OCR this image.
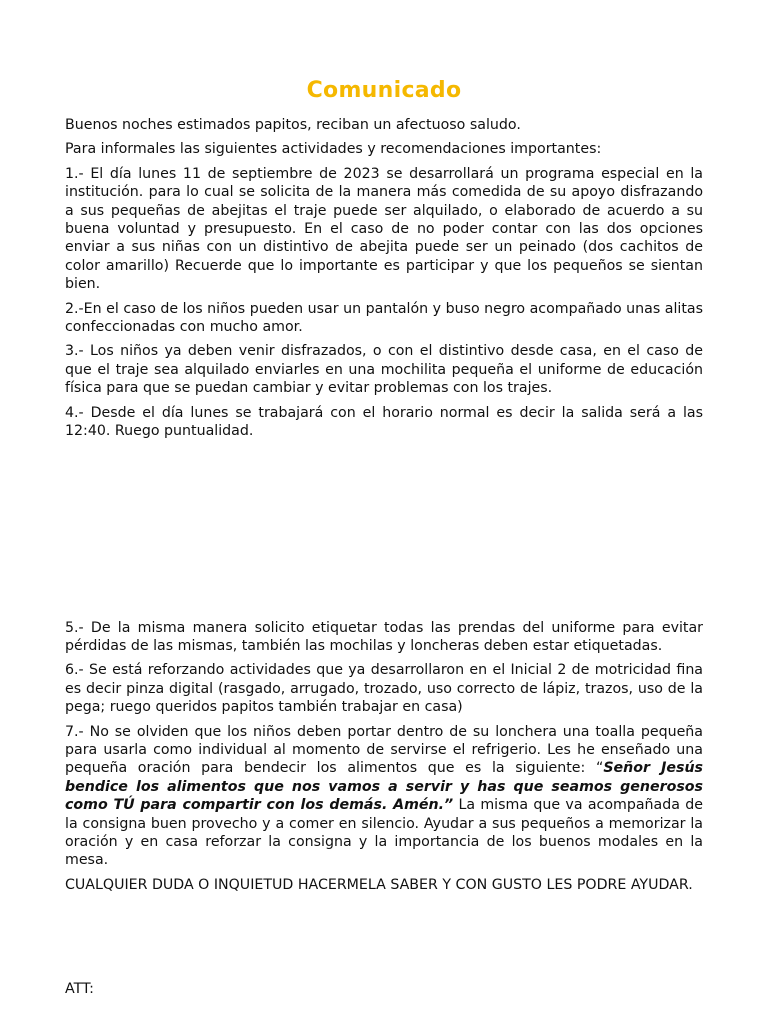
Comunicado

Buenos noches estimados papitos, reciban un afectuoso saludo.

Para informales las siguientes actividades y recomendaciones importantes:

1.- El día lunes 11 de septiembre de 2023 se desarrollará un programa especial en la institución. para lo cual se solicita de la manera más comedida de su apoyo disfrazando a sus pequeñas de abejitas el traje puede ser alquilado, o elaborado de acuerdo a su buena voluntad y presupuesto. En el caso de no poder contar con las dos opciones enviar a sus niñas con un distintivo de abejita puede ser un peinado (dos cachitos de color amarillo) Recuerde que lo importante es participar y que los pequeños se sientan bien.

2.-En el caso de los niños pueden usar un pantalón y buso negro acompañado unas alitas confeccionadas con mucho amor.

3.- Los niños ya deben venir disfrazados, o con el distintivo desde casa, en el caso de que el traje sea alquilado enviarles en una mochilita pequeña el uniforme de educación física para que se puedan cambiar y evitar problemas con los trajes.

4.- Desde el día lunes se trabajará con el horario normal es decir la salida será a las 12:40. Ruego puntualidad.

5.- De la misma manera solicito etiquetar todas las prendas del uniforme para evitar pérdidas de las mismas, también las mochilas y loncheras deben estar etiquetadas.

6.- Se está reforzando actividades que ya desarrollaron en el Inicial 2 de motricidad fina es decir pinza digital (rasgado, arrugado, trozado, uso correcto de lápiz, trazos, uso de la pega; ruego queridos papitos también trabajar en casa)

7.- No se olviden que los niños deben portar dentro de su lonchera una toalla pequeña para usarla como individual al momento de servirse el refrigerio. Les he enseñado una pequeña oración para bendecir los alimentos que es la siguiente: “Señor Jesús bendice los alimentos que nos vamos a servir y has que seamos generosos como TÚ para compartir con los demás. Amén.” La misma que va acompañada de la consigna buen provecho y a comer en silencio. Ayudar a sus pequeños a memorizar la oración y en casa reforzar la consigna y la importancia de los buenos modales en la mesa.

CUALQUIER DUDA O INQUIETUD HACERMELA SABER Y CON GUSTO LES PODRE AYUDAR.

ATT:
